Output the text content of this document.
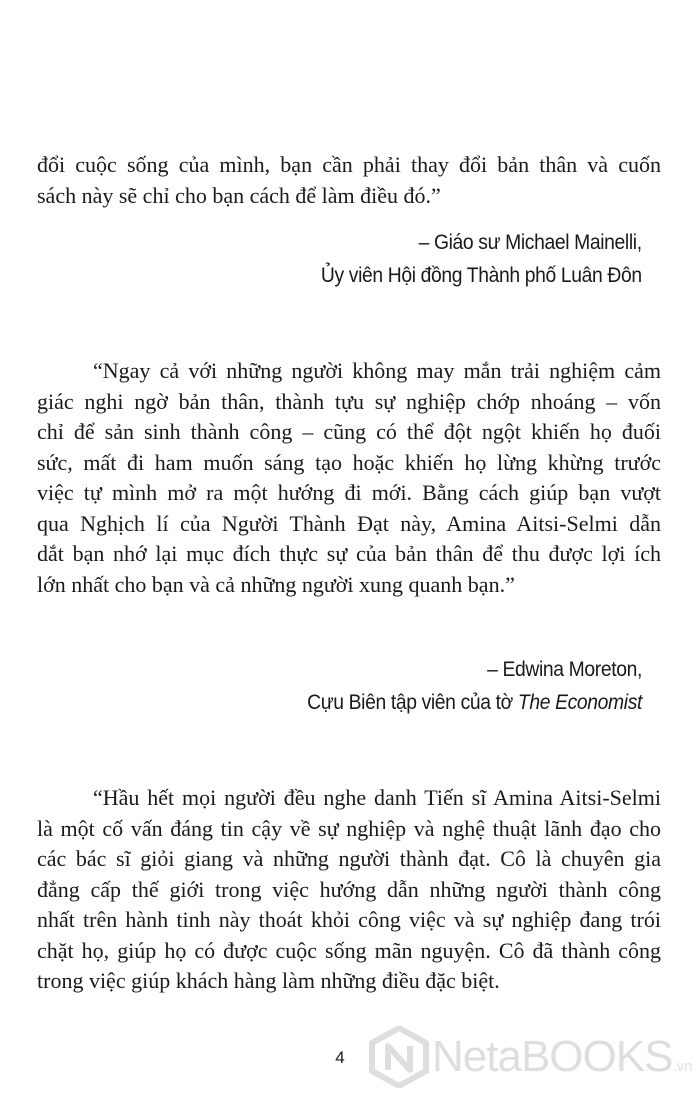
đổi cuộc sống của mình, bạn cần phải thay đổi bản thân và cuốn
sách này sẽ chỉ cho bạn cách để làm điều đó.”
– Giáo sư Michael Mainelli,
Ủy viên Hội đồng Thành phố Luân Đôn
“Ngay cả với những người không may mắn trải nghiệm cảm
giác nghi ngờ bản thân, thành tựu sự nghiệp chớp nhoáng – vốn
chỉ để sản sinh thành công – cũng có thể đột ngột khiến họ đuối
sức, mất đi ham muốn sáng tạo hoặc khiến họ lừng khừng trước
việc tự mình mở ra một hướng đi mới. Bằng cách giúp bạn vượt
qua Nghịch lí của Người Thành Đạt này, Amina Aitsi-Selmi dẫn
dắt bạn nhớ lại mục đích thực sự của bản thân để thu được lợi ích
lớn nhất cho bạn và cả những người xung quanh bạn.”
– Edwina Moreton,
Cựu Biên tập viên của tờ The Economist
“Hầu hết mọi người đều nghe danh Tiến sĩ Amina Aitsi-Selmi
là một cố vấn đáng tin cậy về sự nghiệp và nghệ thuật lãnh đạo cho
các bác sĩ giỏi giang và những người thành đạt. Cô là chuyên gia
đẳng cấp thế giới trong việc hướng dẫn những người thành công
nhất trên hành tinh này thoát khỏi công việc và sự nghiệp đang trói
chặt họ, giúp họ có được cuộc sống mãn nguyện. Cô đã thành công
trong việc giúp khách hàng làm những điều đặc biệt.
4	NetaBOOKS.vn
